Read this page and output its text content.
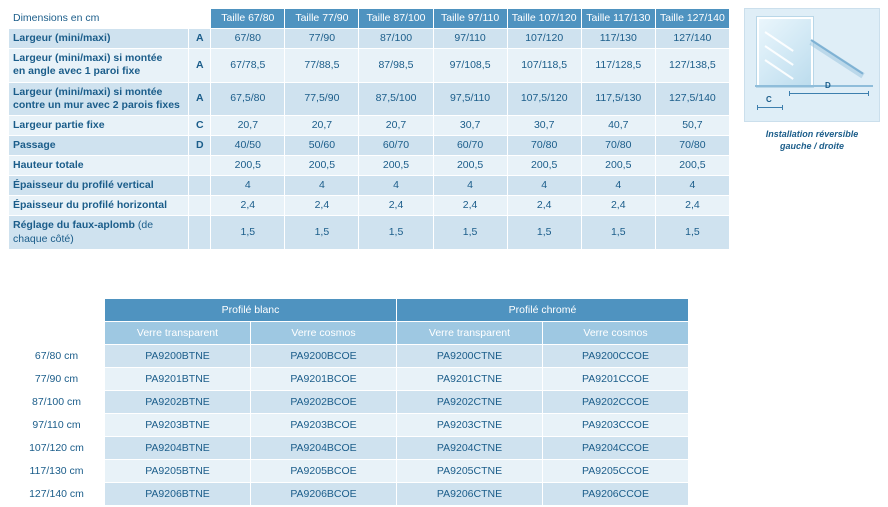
Dimensions en cm		Taille 67/80	Taille 77/90	Taille 87/100	Taille 97/110	Taille 107/120	Taille 117/130	Taille 127/140
Largeur (mini/maxi)	A	67/80	77/90	87/100	97/110	107/120	117/130	127/140
Largeur (mini/maxi) si montée
en angle avec 1 paroi fixe	A	67/78,5	77/88,5	87/98,5	97/108,5	107/118,5	117/128,5	127/138,5
Largeur (mini/maxi) si montée
contre un mur avec 2 parois fixes	A	67,5/80	77,5/90	87,5/100	97,5/110	107,5/120	117,5/130	127,5/140
Largeur partie fixe	C	20,7	20,7	20,7	30,7	30,7	40,7	50,7
Passage	D	40/50	50/60	60/70	60/70	70/80	70/80	70/80
Hauteur totale		200,5	200,5	200,5	200,5	200,5	200,5	200,5
Épaisseur du profilé vertical		4	4	4	4	4	4	4
Épaisseur du profilé horizontal		2,4	2,4	2,4	2,4	2,4	2,4	2,4
Réglage du faux-aplomb (de chaque côté)		1,5	1,5	1,5	1,5	1,5	1,5	1,5
C
D
Installation réversible
gauche / droite
	Profilé blanc		Profilé chromé	
	Verre transparent	Verre cosmos	Verre transparent	Verre cosmos
67/80 cm	PA9200BTNE	PA9200BCOE	PA9200CTNE	PA9200CCOE
77/90 cm	PA9201BTNE	PA9201BCOE	PA9201CTNE	PA9201CCOE
87/100 cm	PA9202BTNE	PA9202BCOE	PA9202CTNE	PA9202CCOE
97/110 cm	PA9203BTNE	PA9203BCOE	PA9203CTNE	PA9203CCOE
107/120 cm	PA9204BTNE	PA9204BCOE	PA9204CTNE	PA9204CCOE
117/130 cm	PA9205BTNE	PA9205BCOE	PA9205CTNE	PA9205CCOE
127/140 cm	PA9206BTNE	PA9206BCOE	PA9206CTNE	PA9206CCOE
